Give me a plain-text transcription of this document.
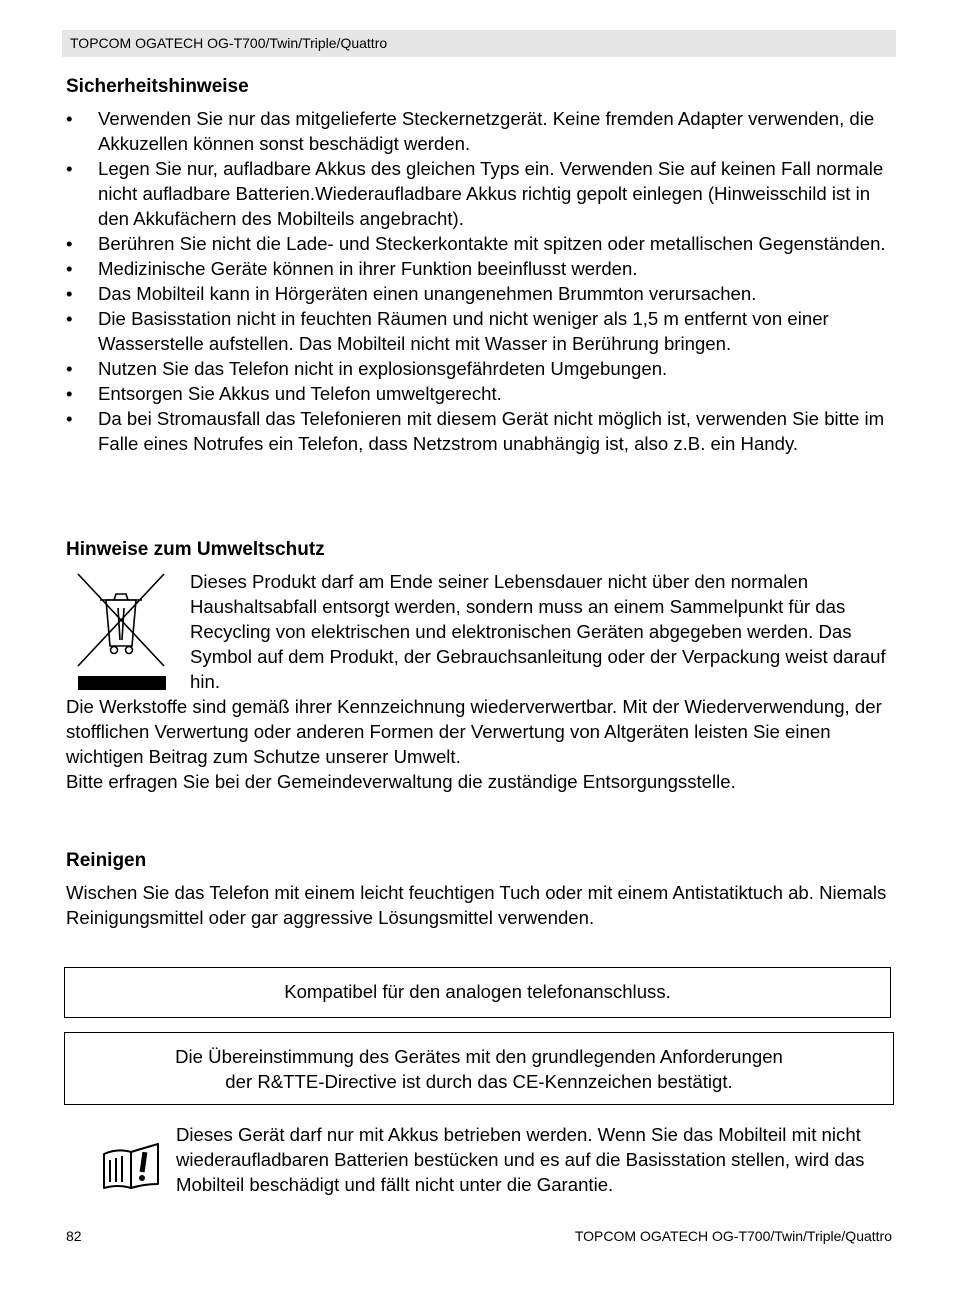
TOPCOM OGATECH OG-T700/Twin/Triple/Quattro
Sicherheitshinweise
• Verwenden Sie nur das mitgelieferte Steckernetzgerät. Keine fremden Adapter verwenden, die Akkuzellen können sonst beschädigt werden.
• Legen Sie nur, aufladbare Akkus des gleichen Typs ein. Verwenden Sie auf keinen Fall normale nicht aufladbare Batterien.Wiederaufladbare Akkus richtig gepolt einlegen (Hinweisschild ist in den Akkufächern des Mobilteils angebracht).
• Berühren Sie nicht die Lade- und Steckerkontakte mit spitzen oder metallischen Gegenständen.
• Medizinische Geräte können in ihrer Funktion beeinflusst werden.
• Das Mobilteil kann in Hörgeräten einen unangenehmen Brummton verursachen.
• Die Basisstation nicht in feuchten Räumen und nicht weniger als 1,5 m entfernt von einer Wasserstelle aufstellen. Das Mobilteil nicht mit Wasser in Berührung bringen.
• Nutzen Sie das Telefon nicht in explosionsgefährdeten Umgebungen.
• Entsorgen Sie Akkus und Telefon umweltgerecht.
• Da bei Stromausfall das Telefonieren mit diesem Gerät nicht möglich ist, verwenden Sie bitte im Falle eines Notrufes ein Telefon, dass Netzstrom unabhängig ist, also z.B. ein Handy.
Hinweise zum Umweltschutz
Dieses Produkt darf am Ende seiner Lebensdauer nicht über den normalen Haushaltsabfall entsorgt werden, sondern muss an einem Sammelpunkt für das Recycling von elektrischen und elektronischen Geräten abgegeben werden. Das Symbol auf dem Produkt, der Gebrauchsanleitung oder der Verpackung weist darauf hin.
Die Werkstoffe sind gemäß ihrer Kennzeichnung wiederverwertbar. Mit der Wiederverwendung, der stofflichen Verwertung oder anderen Formen der Verwertung von Altgeräten leisten Sie einen wichtigen Beitrag zum Schutze unserer Umwelt.
Bitte erfragen Sie bei der Gemeindeverwaltung die zuständige Entsorgungsstelle.
Reinigen
Wischen Sie das Telefon mit einem leicht feuchtigen Tuch oder mit einem Antistatiktuch ab. Niemals Reinigungsmittel oder gar aggressive Lösungsmittel verwenden.
Kompatibel für den analogen telefonanschluss.
Die Übereinstimmung des Gerätes mit den grundlegenden Anforderungen
der R&TTE-Directive ist durch das CE-Kennzeichen bestätigt.
Dieses Gerät darf nur mit Akkus betrieben werden. Wenn Sie das Mobilteil mit nicht wiederaufladbaren Batterien bestücken und es auf die Basisstation stellen, wird das Mobilteil beschädigt und fällt nicht unter die Garantie.
82	TOPCOM OGATECH OG-T700/Twin/Triple/Quattro
